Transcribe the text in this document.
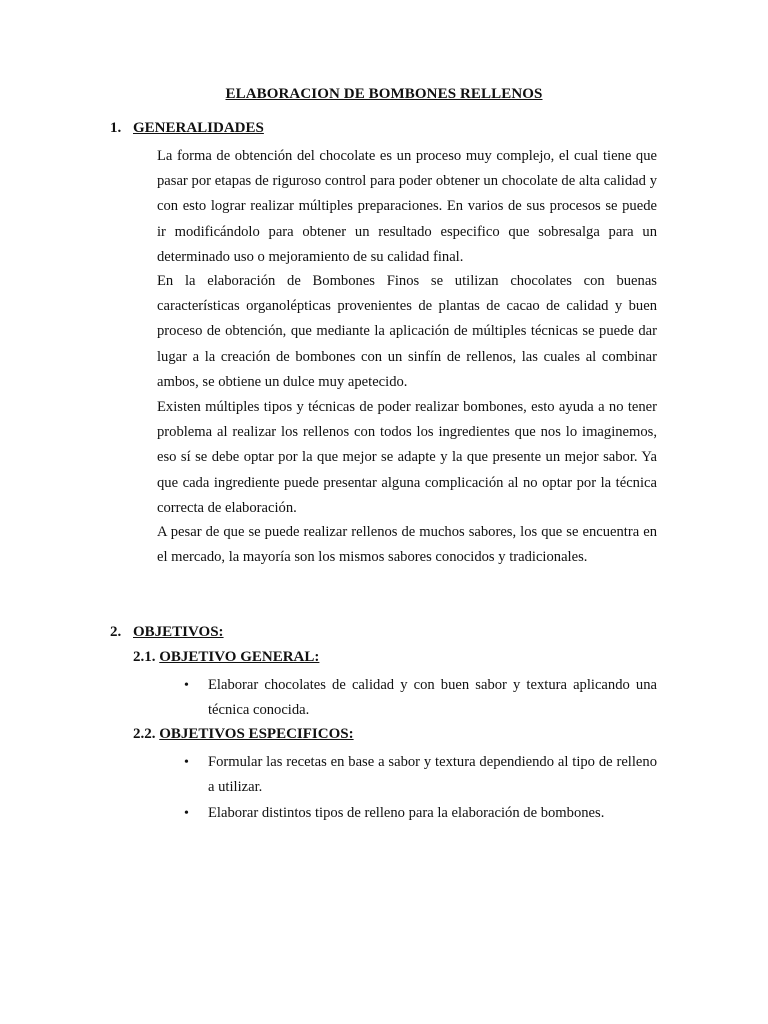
ELABORACION DE BOMBONES RELLENOS
1. GENERALIDADES

La forma de obtención del chocolate es un proceso muy complejo, el cual tiene que pasar por etapas de riguroso control para poder obtener un chocolate de alta calidad y con esto lograr realizar múltiples preparaciones. En varios de sus procesos se puede ir modificándolo para obtener un resultado especifico que sobresalga para un determinado uso o mejoramiento de su calidad final.

En la elaboración de Bombones Finos se utilizan chocolates con buenas características organolépticas provenientes de plantas de cacao de calidad y buen proceso de obtención, que mediante la aplicación de múltiples técnicas se puede dar lugar a la creación de bombones con un sinfín de rellenos, las cuales al combinar ambos, se obtiene un dulce muy apetecido.

Existen múltiples tipos y técnicas de poder realizar bombones, esto ayuda a no tener problema al realizar los rellenos con todos los ingredientes que nos lo imaginemos, eso sí se debe optar por la que mejor se adapte y la que presente un mejor sabor. Ya que cada ingrediente puede presentar alguna complicación al no optar por la técnica correcta de elaboración.

A pesar de que se puede realizar rellenos de muchos sabores, los que se encuentra en el mercado, la mayoría son los mismos sabores conocidos y tradicionales.

2. OBJETIVOS:
2.1. OBJETIVO GENERAL:
•	Elaborar chocolates de calidad y con buen sabor y textura aplicando una técnica conocida.
2.2. OBJETIVOS ESPECIFICOS:
•	Formular las recetas en base a sabor y textura dependiendo al tipo de relleno a utilizar.
•	Elaborar distintos tipos de relleno para la elaboración de bombones.
